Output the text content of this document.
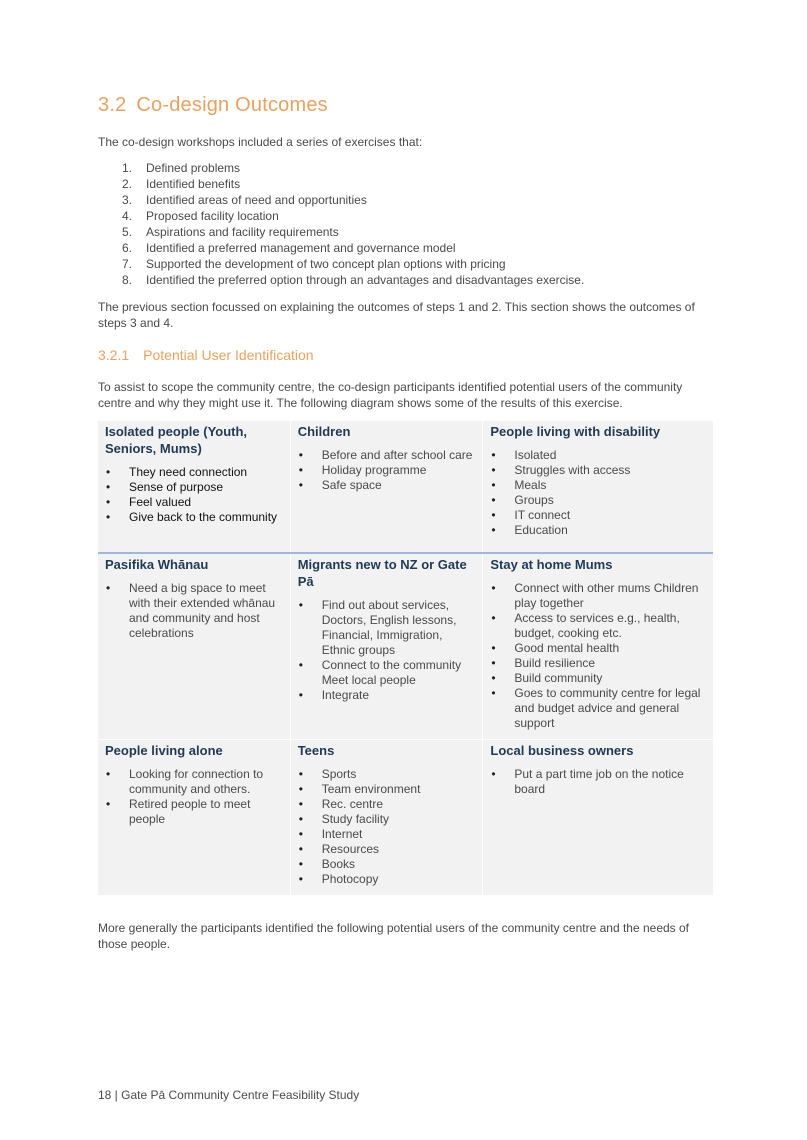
3.2 Co-design Outcomes

The co-design workshops included a series of exercises that:

1.	Defined problems
2.	Identified benefits
3.	Identified areas of need and opportunities
4.	Proposed facility location
5.	Aspirations and facility requirements
6.	Identified a preferred management and governance model
7.	Supported the development of two concept plan options with pricing
8.	Identified the preferred option through an advantages and disadvantages exercise.

The previous section focussed on explaining the outcomes of steps 1 and 2. This section shows the outcomes of steps 3 and 4.

3.2.1 Potential User Identification

To assist to scope the community centre, the co-design participants identified potential users of the community centre and why they might use it. The following diagram shows some of the results of this exercise.

Isolated people (Youth, Seniors, Mums)
• They need connection
• Sense of purpose
• Feel valued
• Give back to the community
Children
• Before and after school care
• Holiday programme
• Safe space
People living with disability
• Isolated
• Struggles with access
• Meals
• Groups
• IT connect
• Education
Pasifika Whānau
• Need a big space to meet with their extended whānau and community and host celebrations
Migrants new to NZ or Gate Pā
• Find out about services, Doctors, English lessons, Financial, Immigration, Ethnic groups
• Connect to the community Meet local people
• Integrate
Stay at home Mums
• Connect with other mums Children play together
• Access to services e.g., health, budget, cooking etc.
• Good mental health
• Build resilience
• Build community
• Goes to community centre for legal and budget advice and general support
People living alone
• Looking for connection to community and others.
• Retired people to meet people
Teens
• Sports
• Team environment
• Rec. centre
• Study facility
• Internet
• Resources
• Books
• Photocopy
Local business owners
• Put a part time job on the notice board

More generally the participants identified the following potential users of the community centre and the needs of those people.

18 | Gate Pā Community Centre Feasibility Study
